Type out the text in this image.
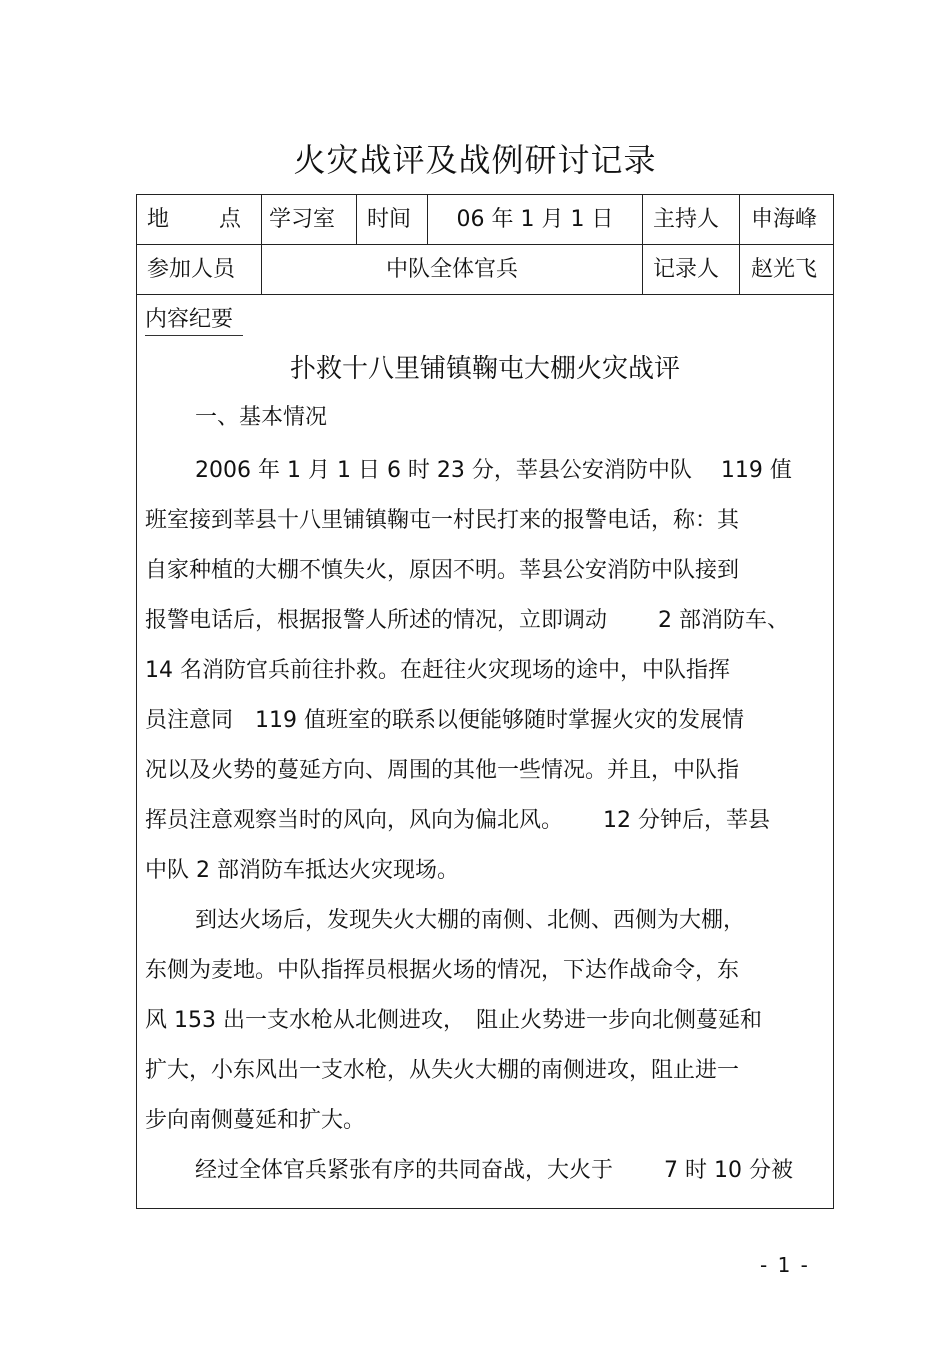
火灾战评及战例研讨记录
地　　点	学习室	时间	06 年 1 月 1 日	主持人	申海峰
参加人员	中队全体官兵	记录人	赵光飞
内容纪要
扑救十八里铺镇鞠屯大棚火灾战评
一、基本情况
2006 年 1 月 1 日 6 时 23 分，莘县公安消防中队　 119 值
班室接到莘县十八里铺镇鞠屯一村民打来的报警电话，称：其
自家种植的大棚不慎失火，原因不明。莘县公安消防中队接到
报警电话后，根据报警人所述的情况，立即调动　　 2 部消防车、
14 名消防官兵前往扑救。在赶往火灾现场的途中，中队指挥
员注意同　119 值班室的联系以便能够随时掌握火灾的发展情
况以及火势的蔓延方向、周围的其他一些情况。并且，中队指
挥员注意观察当时的风向，风向为偏北风。　　 12 分钟后，莘县
中队 2 部消防车抵达火灾现场。
到达火场后，发现失火大棚的南侧、北侧、西侧为大棚，
东侧为麦地。中队指挥员根据火场的情况，下达作战命令，东
风 153 出一支水枪从北侧进攻，　阻止火势进一步向北侧蔓延和
扩大，小东风出一支水枪，从失火大棚的南侧进攻，阻止进一
步向南侧蔓延和扩大。
经过全体官兵紧张有序的共同奋战，大火于　　 7 时 10 分被
- 1 -
